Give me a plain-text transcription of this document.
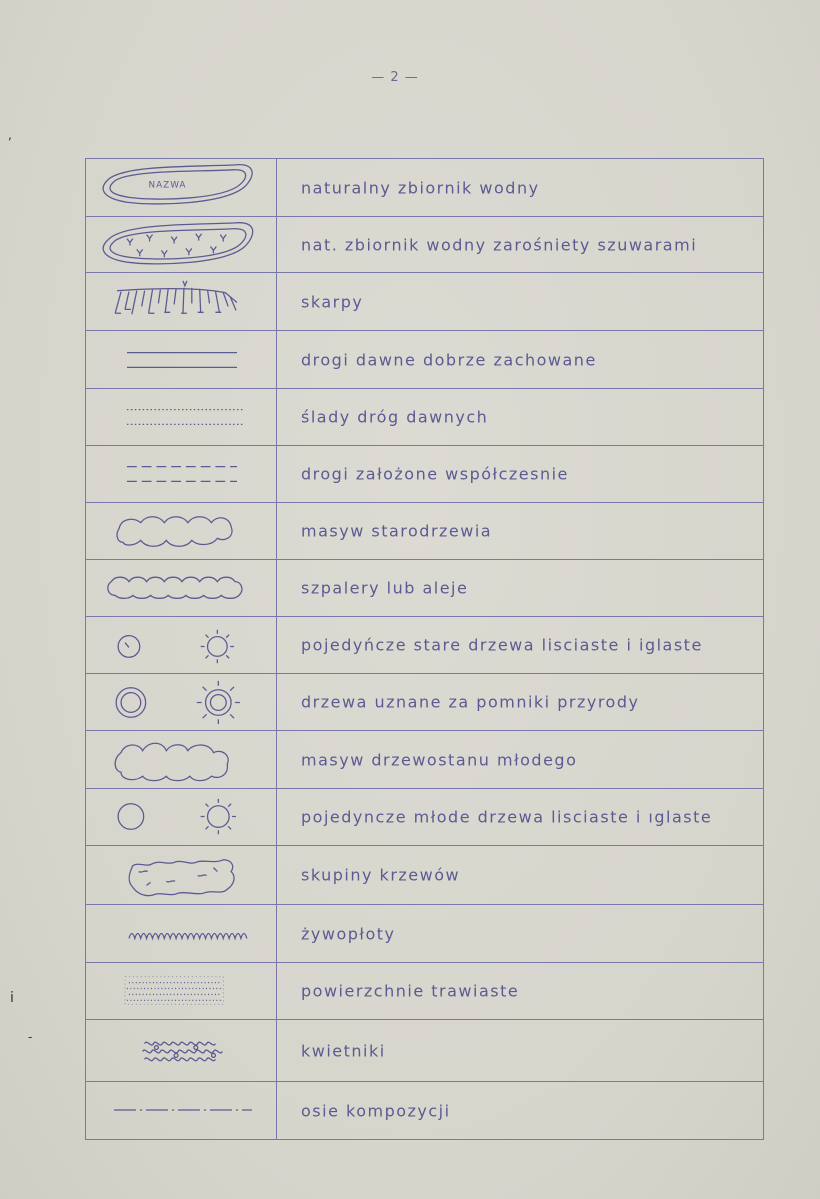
— 2 —
NAZWA	naturalny zbiornik wodny
nat. zbiornik wodny zarośniety szuwarami
skarpy
drogi dawne dobrze zachowane
ślady dróg dawnych
drogi założone współczesnie
masyw starodrzewia
szpalery lub aleje
pojedyńcze stare drzewa lisciaste i iglaste
drzewa uznane za pomniki przyrody
masyw drzewostanu młodego
pojedyncze młode drzewa lisciaste i ıglaste
skupiny krzewów
żywopłoty
powierzchnie trawiaste
kwietniki
osie kompozycji
,
i
-
